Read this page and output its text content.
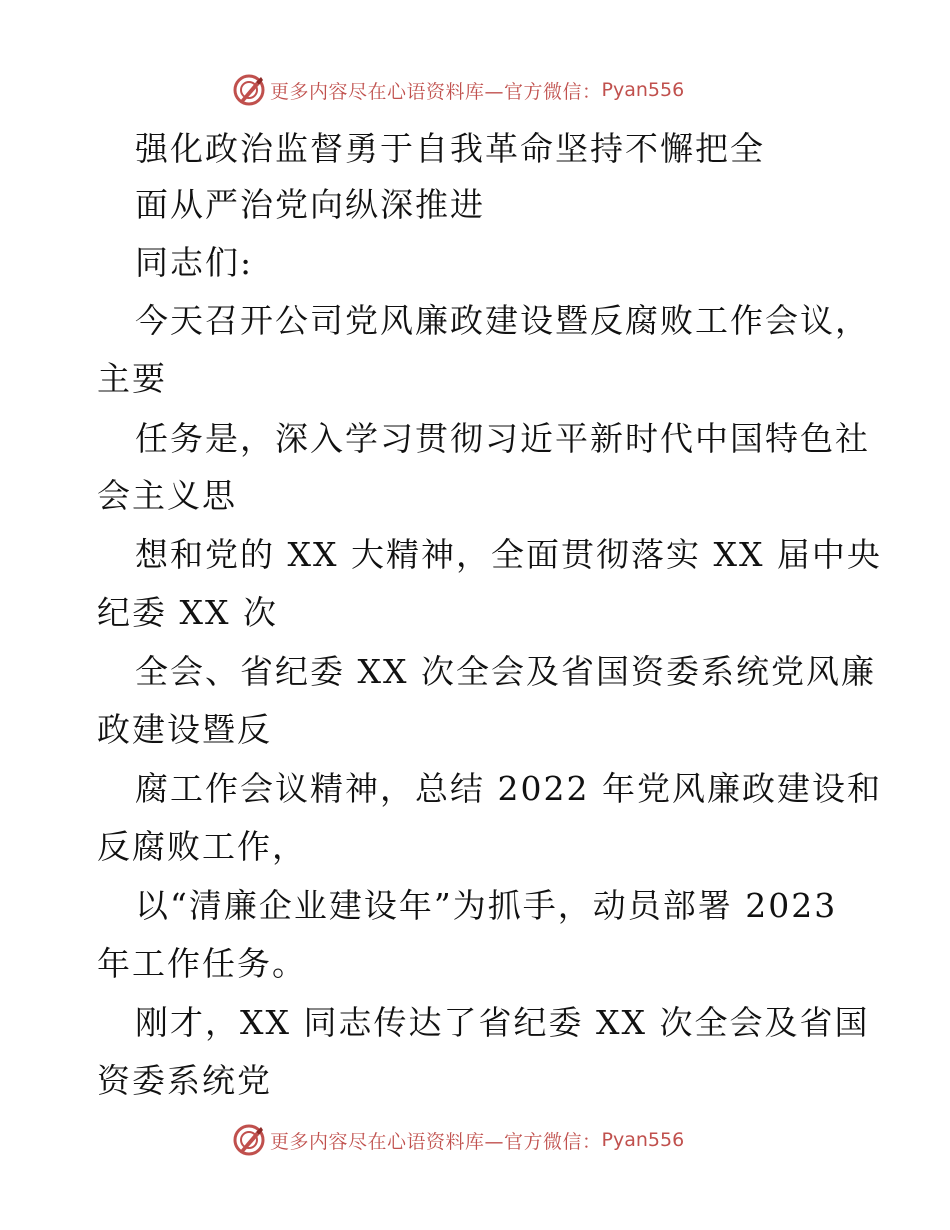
更多内容尽在心语资料库—官方微信： Pyan556
强化政治监督勇于自我革命坚持不懈把全
面从严治党向纵深推进
同志们:
今天召开公司党风廉政建设暨反腐败工作会议，
主要
任务是，深入学习贯彻习近平新时代中国特色社
会主义思
想和党的 XX 大精神，全面贯彻落实 XX 届中央
纪委 XX 次
全会、省纪委 XX 次全会及省国资委系统党风廉
政建设暨反
腐工作会议精神，总结 2022 年党风廉政建设和
反腐败工作，
以“清廉企业建设年”为抓手，动员部署 2023
年工作任务。
刚才，XX 同志传达了省纪委 XX 次全会及省国
资委系统党
更多内容尽在心语资料库—官方微信： Pyan556
